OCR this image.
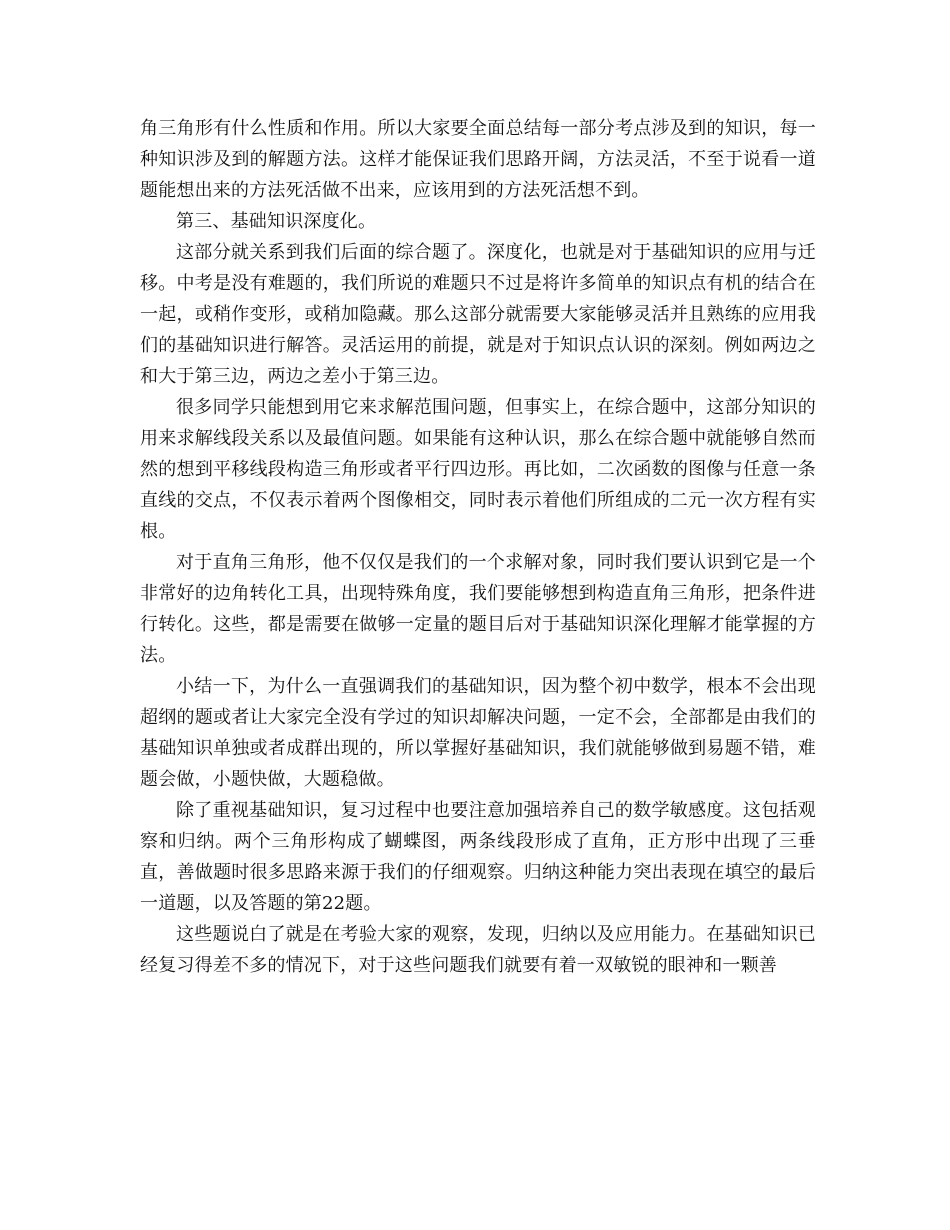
角三角形有什么性质和作用。所以大家要全面总结每一部分考点涉及到的知识，每一种知识涉及到的解题方法。这样才能保证我们思路开阔，方法灵活，不至于说看一道题能想出来的方法死活做不出来，应该用到的方法死活想不到。

第三、基础知识深度化。

这部分就关系到我们后面的综合题了。深度化，也就是对于基础知识的应用与迁移。中考是没有难题的，我们所说的难题只不过是将许多简单的知识点有机的结合在一起，或稍作变形，或稍加隐藏。那么这部分就需要大家能够灵活并且熟练的应用我们的基础知识进行解答。灵活运用的前提，就是对于知识点认识的深刻。例如两边之和大于第三边，两边之差小于第三边。

很多同学只能想到用它来求解范围问题，但事实上，在综合题中，这部分知识的用来求解线段关系以及最值问题。如果能有这种认识，那么在综合题中就能够自然而然的想到平移线段构造三角形或者平行四边形。再比如，二次函数的图像与任意一条直线的交点，不仅表示着两个图像相交，同时表示着他们所组成的二元一次方程有实根。

对于直角三角形，他不仅仅是我们的一个求解对象，同时我们要认识到它是一个非常好的边角转化工具，出现特殊角度，我们要能够想到构造直角三角形，把条件进行转化。这些，都是需要在做够一定量的题目后对于基础知识深化理解才能掌握的方法。

小结一下，为什么一直强调我们的基础知识，因为整个初中数学，根本不会出现超纲的题或者让大家完全没有学过的知识却解决问题，一定不会，全部都是由我们的基础知识单独或者成群出现的，所以掌握好基础知识，我们就能够做到易题不错，难题会做，小题快做，大题稳做。

除了重视基础知识，复习过程中也要注意加强培养自己的数学敏感度。这包括观察和归纳。两个三角形构成了蝴蝶图，两条线段形成了直角，正方形中出现了三垂直，善做题时很多思路来源于我们的仔细观察。归纳这种能力突出表现在填空的最后一道题，以及答题的第22题。

这些题说白了就是在考验大家的观察，发现，归纳以及应用能力。在基础知识已经复习得差不多的情况下，对于这些问题我们就要有着一双敏锐的眼神和一颗善
